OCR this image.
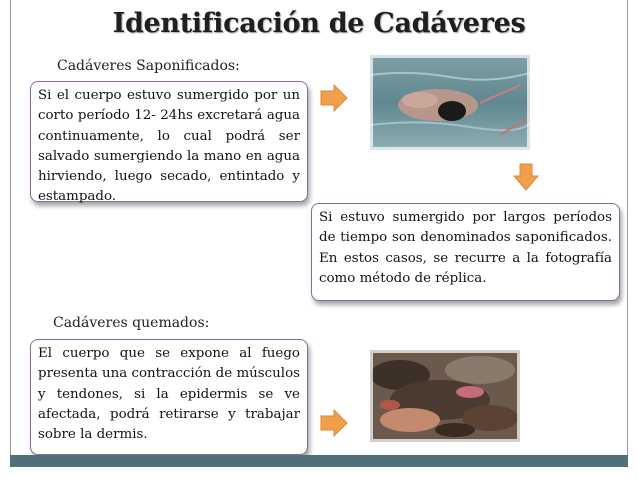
Identificación de Cadáveres
Cadáveres Saponificados:
Si el cuerpo estuvo sumergido por un corto período 12- 24hs excretará agua continuamente, lo cual podrá ser salvado sumergiendo la mano en agua hirviendo, luego secado, entintado y estampado.
Si estuvo sumergido por largos períodos de tiempo son denominados saponificados. En estos casos, se recurre a la fotografía como método de réplica.
Cadáveres quemados:
El cuerpo que se expone al fuego presenta una contracción de músculos y tendones, si la epidermis se ve afectada, podrá retirarse y trabajar sobre la dermis.
